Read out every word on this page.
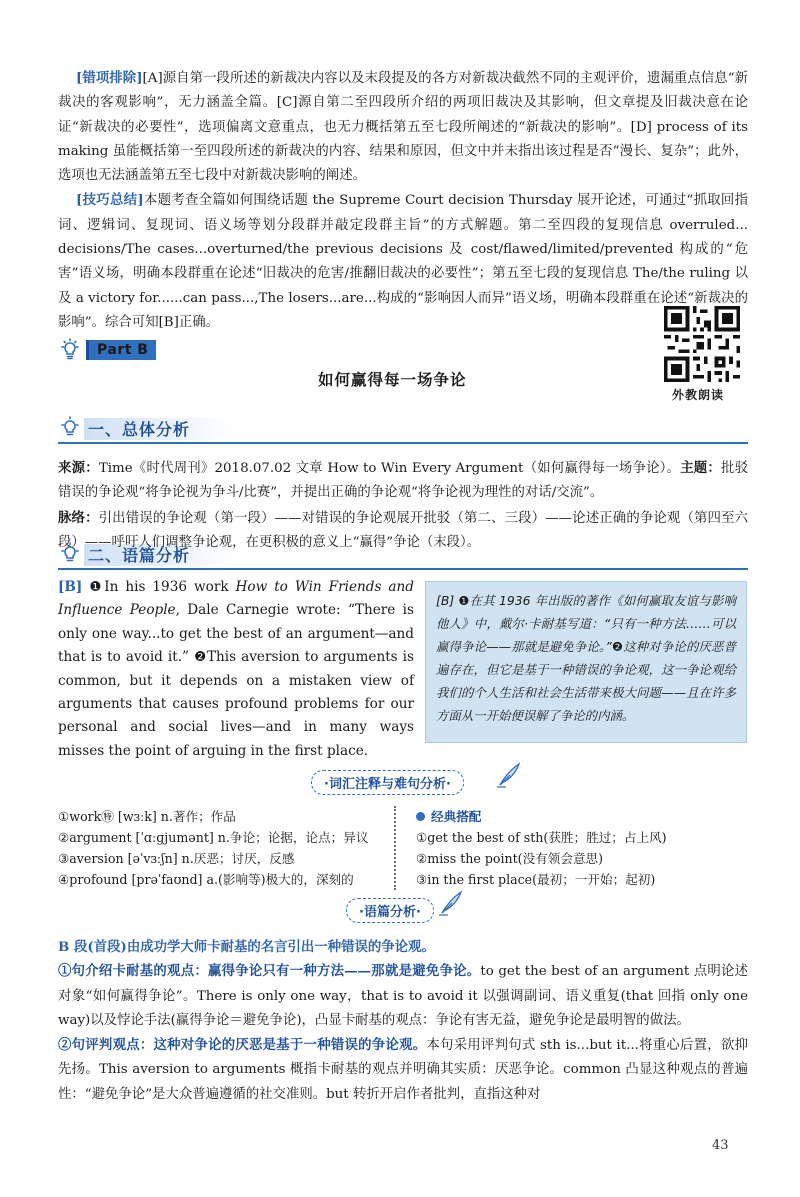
[错项排除][A]源自第一段所述的新裁决内容以及末段提及的各方对新裁决截然不同的主观评价，遗漏重点信息“新裁决的客观影响”，无力涵盖全篇。[C]源自第二至四段所介绍的两项旧裁决及其影响，但文章提及旧裁决意在论证“新裁决的必要性”，选项偏离文意重点，也无力概括第五至七段所阐述的“新裁决的影响”。[D] process of its making 虽能概括第一至四段所述的新裁决的内容、结果和原因，但文中并未指出该过程是否“漫长、复杂”；此外，选项也无法涵盖第五至七段中对新裁决影响的阐述。

[技巧总结]本题考查全篇如何围绕话题 the Supreme Court decision Thursday 展开论述，可通过“抓取回指词、逻辑词、复现词、语义场等划分段群并敲定段群主旨”的方式解题。第二至四段的复现信息 overruled... decisions/The cases...overturned/the previous decisions 及 cost/flawed/limited/prevented 构成的“危害”语义场，明确本段群重在论述“旧裁决的危害/推翻旧裁决的必要性”；第五至七段的复现信息 The/the ruling 以及 a victory for......can pass...,The losers...are...构成的“影响因人而异”语义场，明确本段群重在论述“新裁决的影响”。综合可知[B]正确。

Part B
如何赢得每一场争论
外教朗读
一、总体分析

来源：Time《时代周刊》2018.07.02 文章 How to Win Every Argument（如何赢得每一场争论）。主题：批驳错误的争论观“将争论视为争斗/比赛”，并提出正确的争论观“将争论视为理性的对话/交流”。

脉络：引出错误的争论观（第一段）——对错误的争论观展开批驳（第二、三段）——论述正确的争论观（第四至六段）——呼吁人们调整争论观，在更积极的意义上“赢得”争论（末段）。

二、语篇分析
[B] ❶In his 1936 work How to Win Friends and Influence People, Dale Carnegie wrote: “There is only one way...to get the best of an argument—and that is to avoid it.” ❷This aversion to arguments is common, but it depends on a mistaken view of arguments that causes profound problems for our personal and social lives—and in many ways misses the point of arguing in the first place.
[B] ❶在其 1936 年出版的著作《如何赢取友谊与影响他人》中，戴尔·卡耐基写道：“只有一种方法……可以赢得争论——那就是避免争论。”❷这种对争论的厌恶普遍存在，但它是基于一种错误的争论观，这一争论观给我们的个人生活和社会生活带来极大问题——且在许多方面从一开始便误解了争论的内涵。
·词汇注释与难句分析·
①work㊕ [wɜːk] n.著作；作品
②argument [ˈɑːɡjumənt] n.争论；论据，论点；异议
③aversion [əˈvɜːʃn] n.厌恶；讨厌，反感
④profound [prəˈfaʊnd] a.(影响等)极大的，深刻的
经典搭配
①get the best of sth(获胜；胜过；占上风)
②miss the point(没有领会意思)
③in the first place(最初；一开始；起初)
·语篇分析·

B 段(首段)由成功学大师卡耐基的名言引出一种错误的争论观。

①句介绍卡耐基的观点：赢得争论只有一种方法——那就是避免争论。to get the best of an argument 点明论述对象“如何赢得争论”。There is only one way，that is to avoid it 以强调副词、语义重复(that 回指 only one way)以及悖论手法(赢得争论＝避免争论)，凸显卡耐基的观点：争论有害无益，避免争论是最明智的做法。

②句评判观点：这种对争论的厌恶是基于一种错误的争论观。本句采用评判句式 sth is...but it...将重心后置，欲抑先扬。This aversion to arguments 概指卡耐基的观点并明确其实质：厌恶争论。common 凸显这种观点的普遍性：“避免争论”是大众普遍遵循的社交准则。but 转折开启作者批判，直指这种对

43
